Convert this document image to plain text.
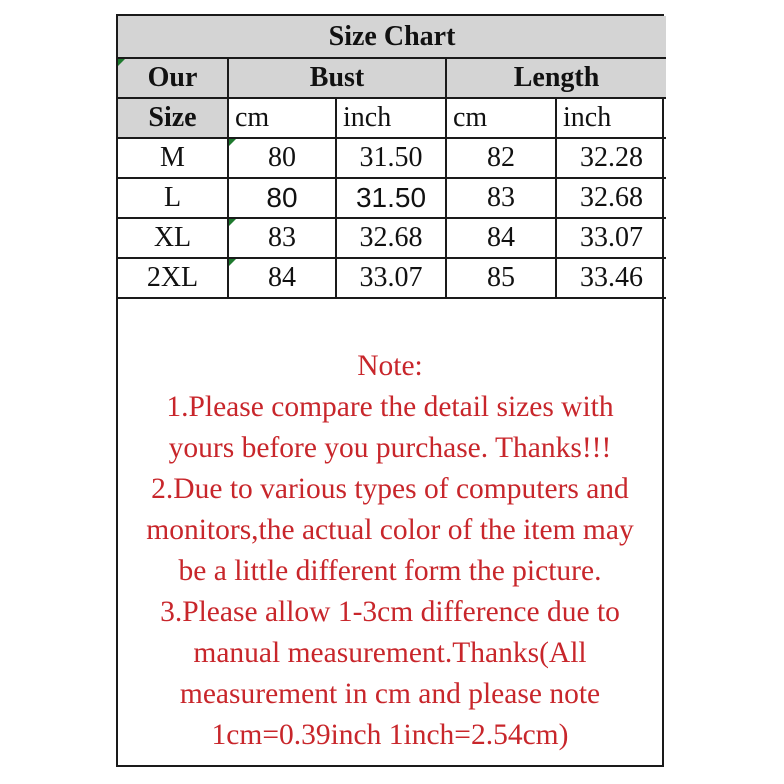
Size Chart				
Our	Bust		Length	
Size	cm	inch	cm	inch
M	80	31.50	82	32.28
L	80	31.50	83	32.68
XL	83	32.68	84	33.07
2XL	84	33.07	85	33.46
Note:
1.Please compare the detail sizes with
yours before you purchase. Thanks!!!
2.Due to various types of computers and
monitors,the actual color of the item may
be a little different form the picture.
3.Please allow 1-3cm difference due to
manual measurement.Thanks(All
measurement in cm and please note
1cm=0.39inch 1inch=2.54cm)
